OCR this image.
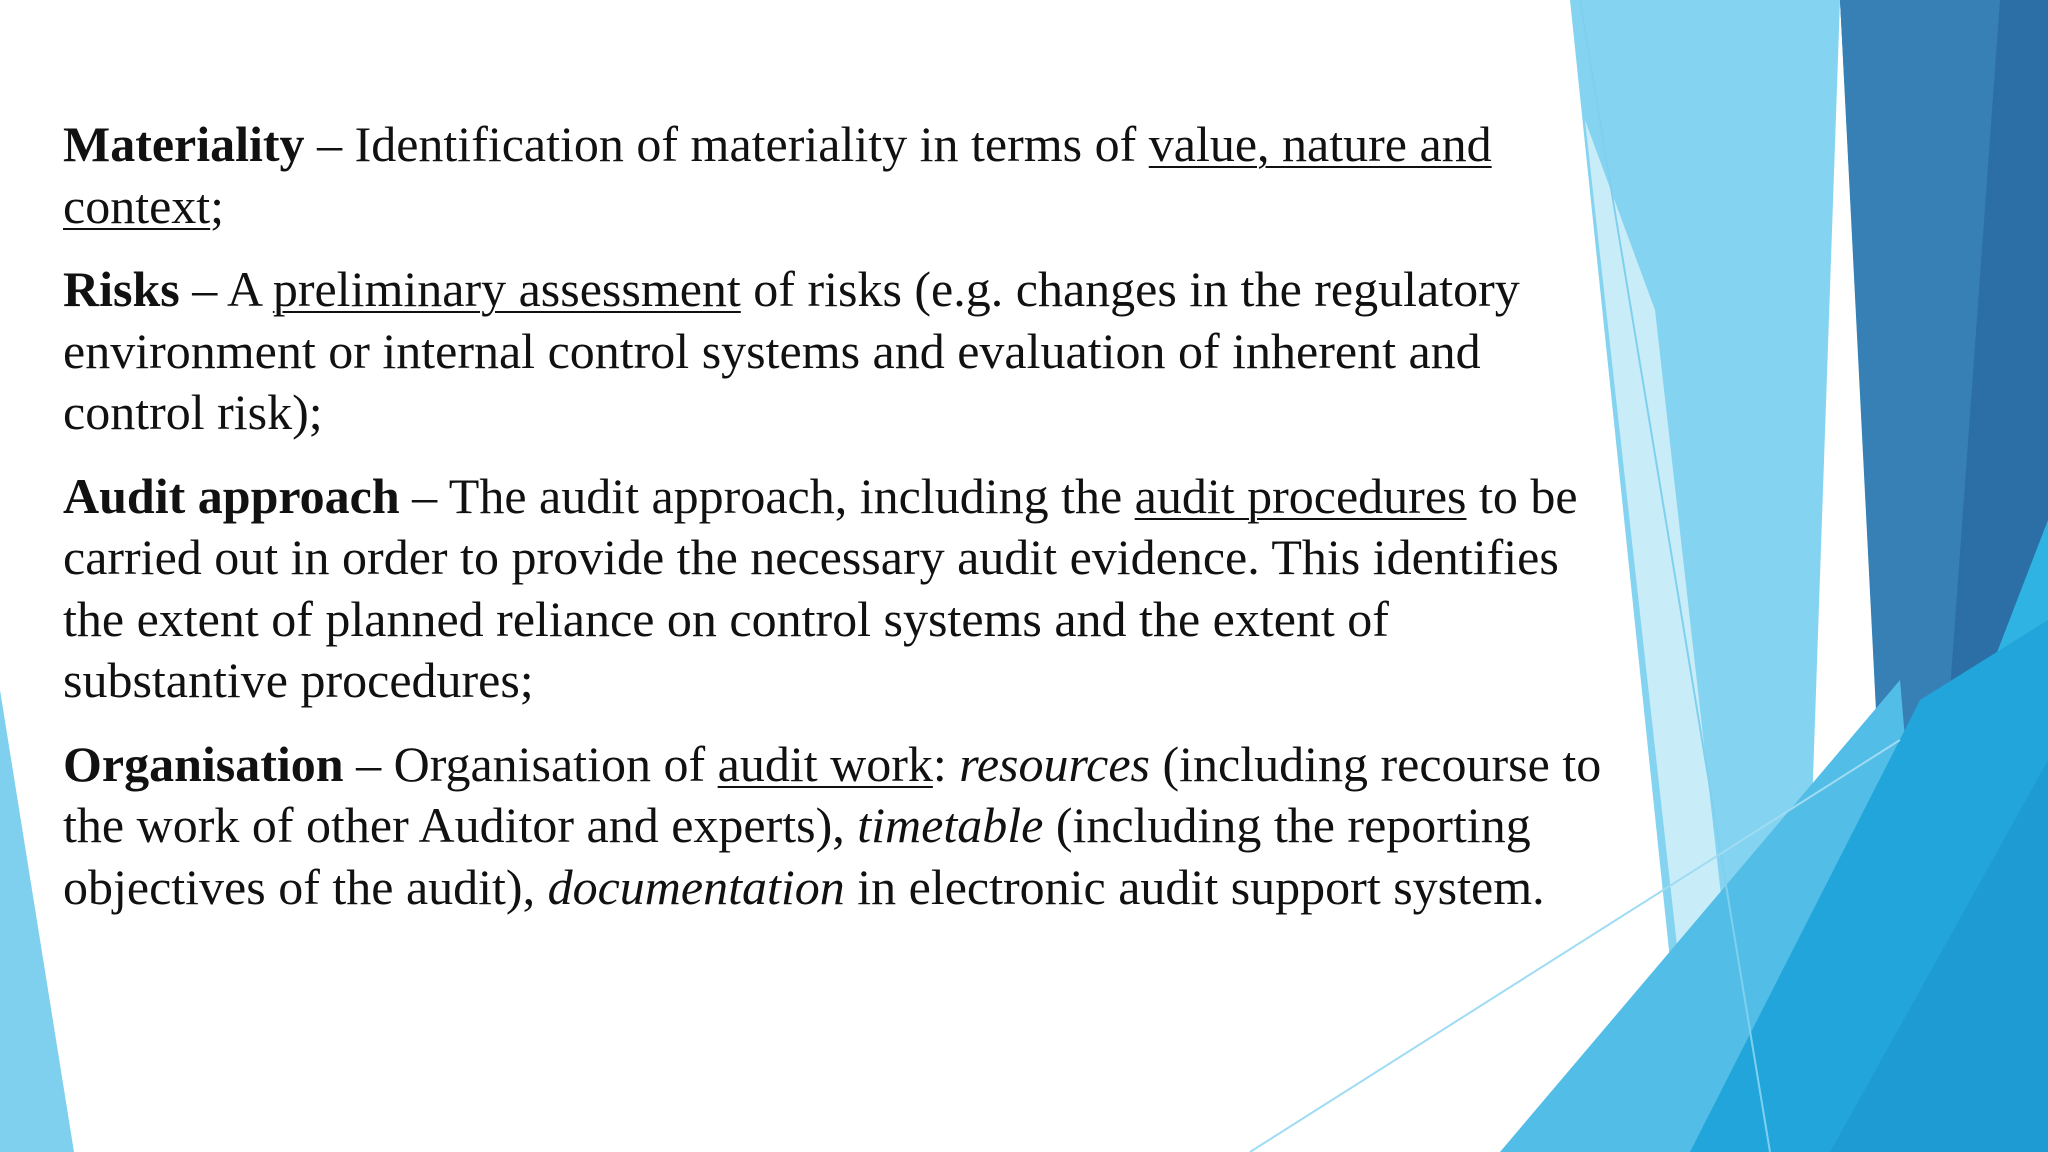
Materiality – Identification of materiality in terms of value, nature and context;

Risks – A preliminary assessment of risks (e.g. changes in the regulatory environment or internal control systems and evaluation of inherent and control risk);

Audit approach – The audit approach, including the audit procedures to be carried out in order to provide the necessary audit evidence. This identifies the extent of planned reliance on control systems and the extent of substantive procedures;

Organisation – Organisation of audit work: resources (including recourse to the work of other Auditor and experts), timetable (including the reporting objectives of the audit), documentation in electronic audit support system.
